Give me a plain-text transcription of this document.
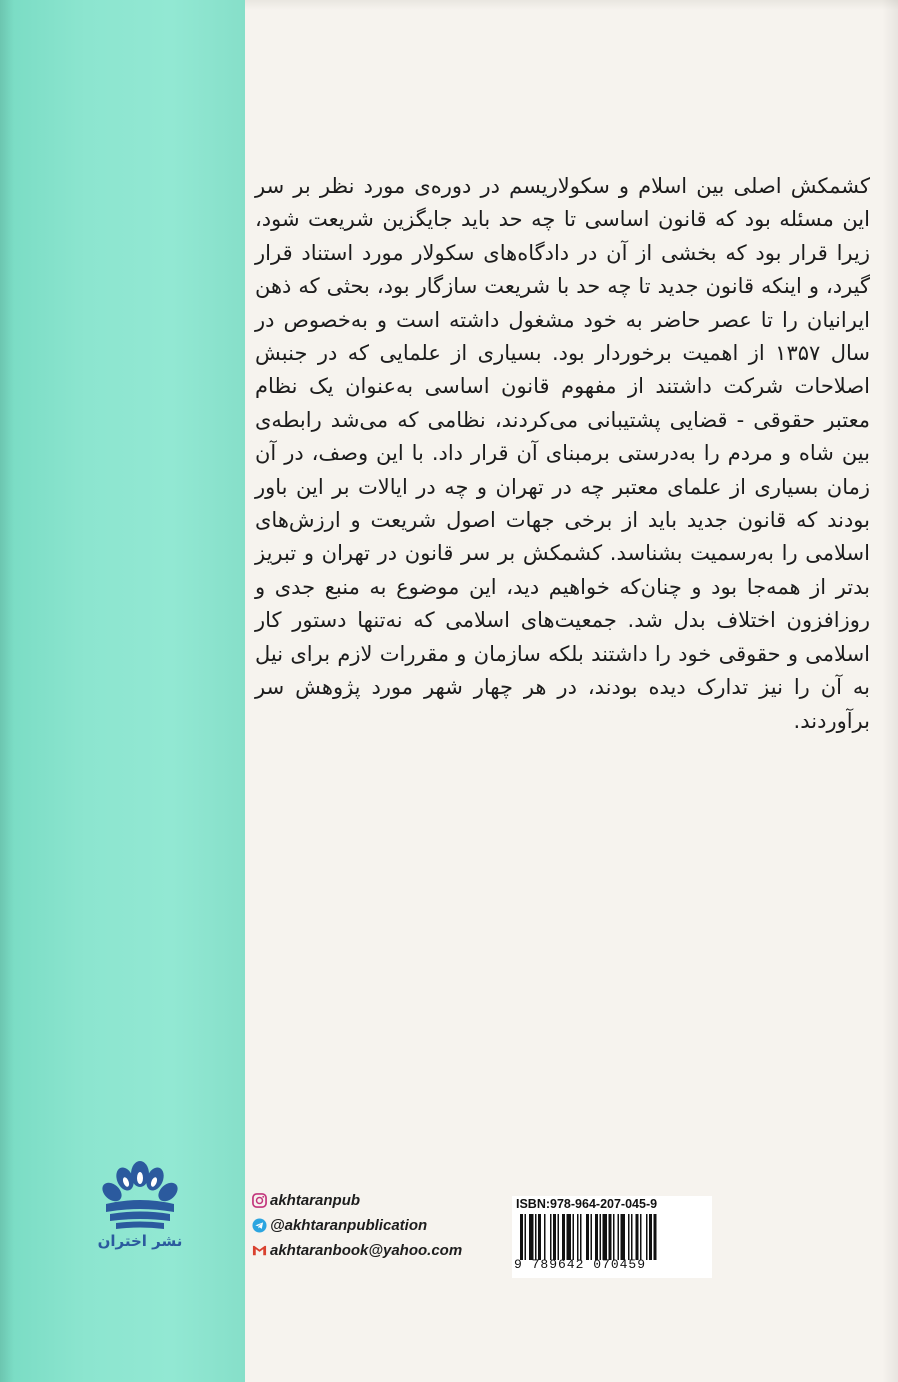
کشمکش اصلی بین اسلام و سکولاریسم در دوره‌ی مورد نظر بر سر این مسئله بود که قانون اساسی تا چه حد باید جایگزین شریعت شود، زیرا قرار بود که بخشی از آن در دادگاه‌های سکولار مورد استناد قرار گیرد، و اینکه قانون جدید تا چه حد با شریعت سازگار بود، بحثی که ذهن ایرانیان را تا عصر حاضر به خود مشغول داشته است و به‌خصوص در سال ۱۳۵۷ از اهمیت برخوردار بود. بسیاری از علمایی که در جنبش اصلاحات شرکت داشتند از مفهوم قانون اساسی به‌عنوان یک نظام معتبر حقوقی - قضایی پشتیبانی می‌کردند، نظامی که می‌شد رابطه‌ی بین شاه و مردم را به‌درستی برمبنای آن قرار داد. با این وصف، در آن زمان بسیاری از علمای معتبر چه در تهران و چه در ایالات بر این باور بودند که قانون جدید باید از برخی جهات اصول شریعت و ارزش‌های اسلامی را به‌رسمیت بشناسد. کشمکش بر سر قانون در تهران و تبریز بدتر از همه‌جا بود و چنان‌که خواهیم دید، این موضوع به منبع جدی و روزافزون اختلاف بدل شد. جمعیت‌های اسلامی که نه‌تنها دستور کار اسلامی و حقوقی خود را داشتند بلکه سازمان و مقررات لازم برای نیل به آن را نیز تدارک دیده بودند، در هر چهار شهر مورد پژوهش سر برآوردند.

نشر اختران
akhtaranpub
@akhtaranpublication
akhtaranbook@yahoo.com
ISBN:978-964-207-045-9
9 789642 070459
